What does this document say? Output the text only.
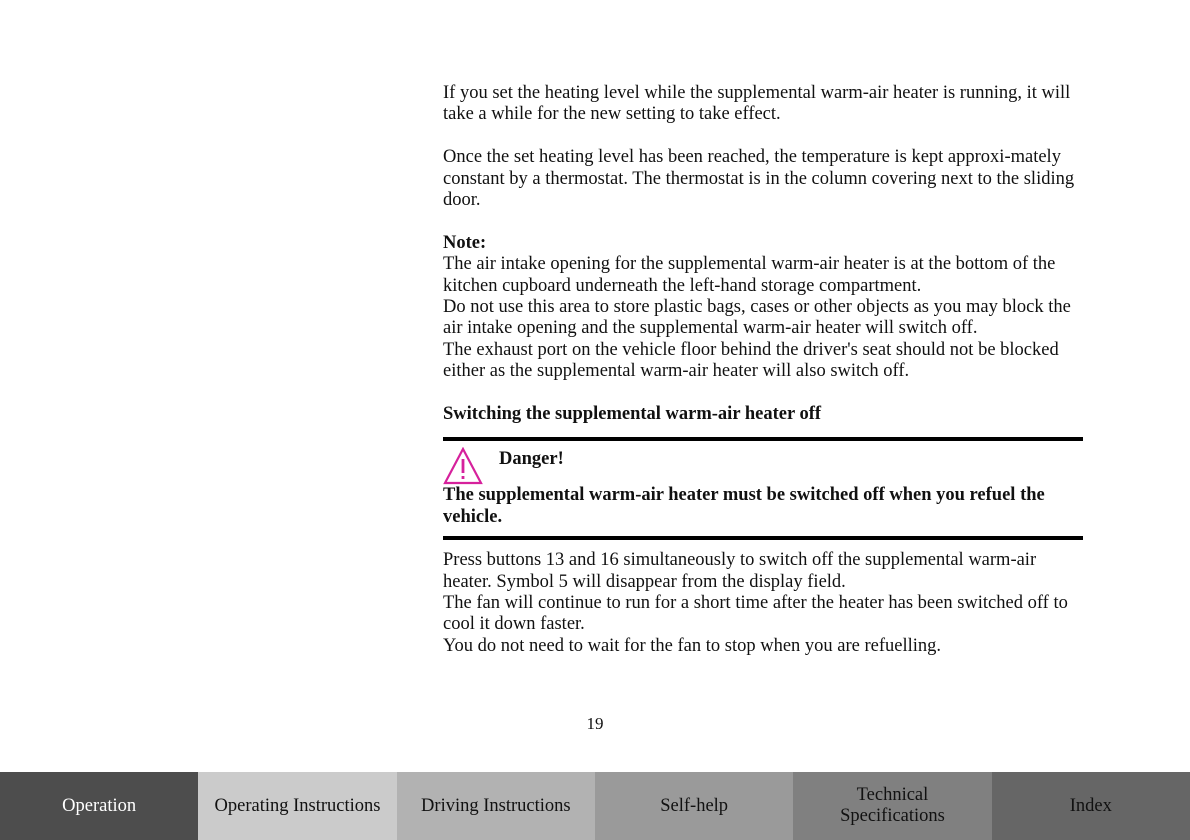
If you set the heating level while the supplemental warm-air heater is running, it will take a while for the new setting to take effect.

Once the set heating level has been reached, the temperature is kept approxi-mately constant by a thermostat. The thermostat is in the column covering next to the sliding door.

Note:

The air intake opening for the supplemental warm-air heater is at the bottom of the kitchen cupboard underneath the left-hand storage compartment.

Do not use this area to store plastic bags, cases or other objects as you may block the air intake opening and the supplemental warm-air heater will switch off.

The exhaust port on the vehicle floor behind the driver's seat should not be blocked either as the supplemental warm-air heater will also switch off.

Switching the supplemental warm-air heater off

Danger!

The supplemental warm-air heater must be switched off when you refuel the vehicle.

Press buttons 13 and 16 simultaneously to switch off the supplemental warm-air heater. Symbol 5 will disappear from the display field.

The fan will continue to run for a short time after the heater has been switched off to cool it down faster.

You do not need to wait for the fan to stop when you are refuelling.

19
Operation	Operating Instructions Driving Instructions	Self-help
Technical
Specifications
Index
